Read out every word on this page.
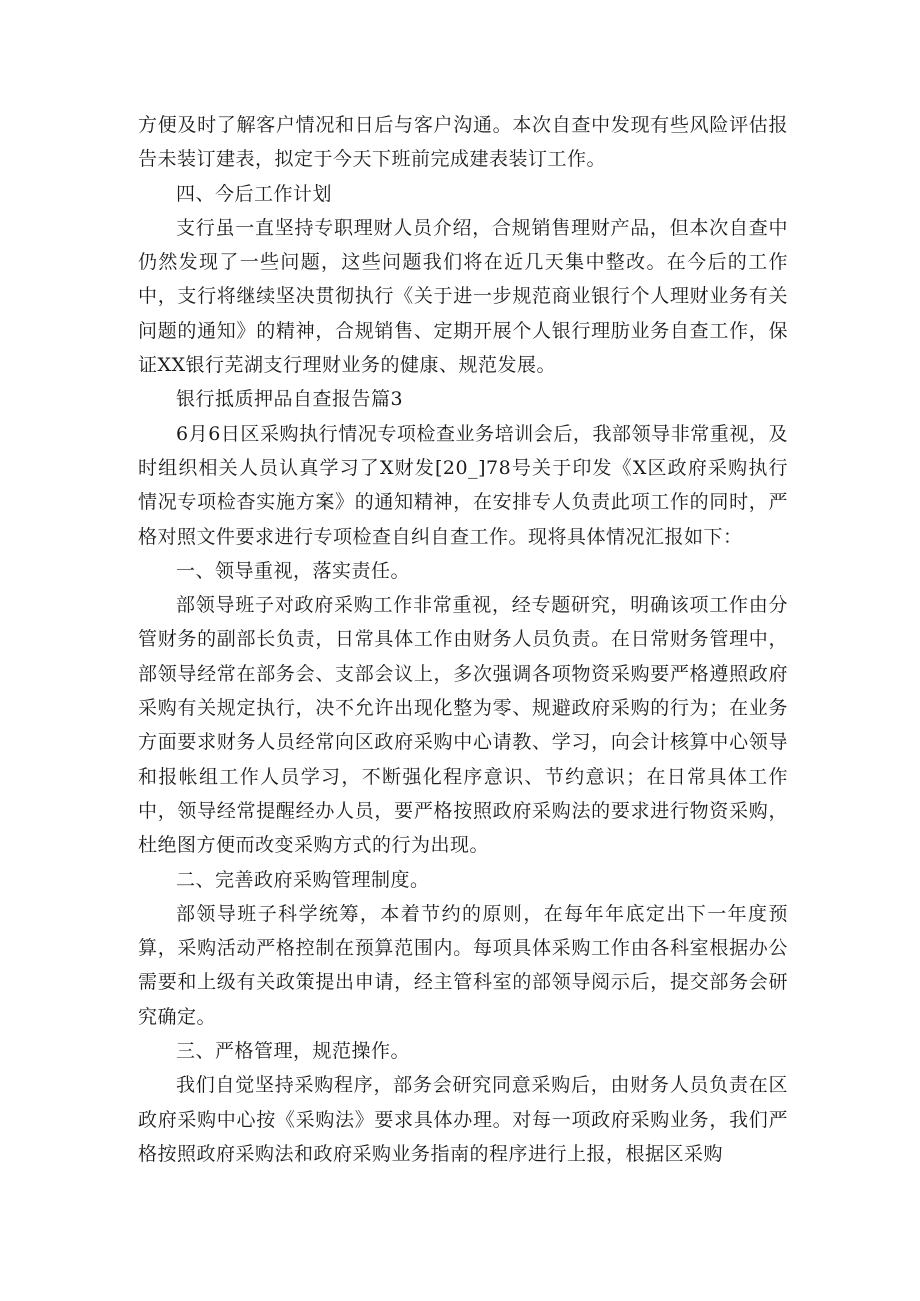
方便及时了解客户情况和日后与客户沟通。本次自查中发现有些风险评估报告未装订建表，拟定于今天下班前完成建表装订工作。

四、今后工作计划

支行虽一直坚持专职理财人员介绍，合规销售理财产品，但本次自查中仍然发现了一些问题，这些问题我们将在近几天集中整改。在今后的工作中，支行将继续坚决贯彻执行《关于进一步规范商业银行个人理财业务有关问题的通知》的精神，合规销售、定期开展个人银行理肪业务自查工作，保证XX银行芜湖支行理财业务的健康、规范发展。

银行抵质押品自查报告篇3

6月6日区采购执行情况专项检查业务培训会后，我部领导非常重视，及时组织相关人员认真学习了X财发[20_]78号关于印发《X区政府采购执行情况专项检杳实施方案》的通知精神，在安排专人负责此项工作的同时，严格对照文件要求进行专项检查自纠自查工作。现将具体情况汇报如下：

一、领导重视，落实责任。

部领导班子对政府采购工作非常重视，经专题研究，明确该项工作由分管财务的副部长负责，日常具体工作由财务人员负责。在日常财务管理中，部领导经常在部务会、支部会议上，多次强调各项物资采购要严格遵照政府采购有关规定执行，决不允许出现化整为零、规避政府采购的行为；在业务方面要求财务人员经常向区政府采购中心请教、学习，向会计核算中心领导和报帐组工作人员学习，不断强化程序意识、节约意识；在日常具体工作中，领导经常提醒经办人员，要严格按照政府采购法的要求进行物资采购，杜绝图方便而改变采购方式的行为出现。

二、完善政府采购管理制度。

部领导班子科学统筹，本着节约的原则，在每年年底定出下一年度预算，采购活动严格控制在预算范围内。每项具体采购工作由各科室根据办公需要和上级有关政策提出申请，经主管科室的部领导阅示后，提交部务会研究确定。

三、严格管理，规范操作。

我们自觉坚持采购程序，部务会研究同意采购后，由财务人员负责在区政府采购中心按《采购法》要求具体办理。对每一项政府采购业务，我们严格按照政府采购法和政府采购业务指南的程序进行上报，根据区采购
